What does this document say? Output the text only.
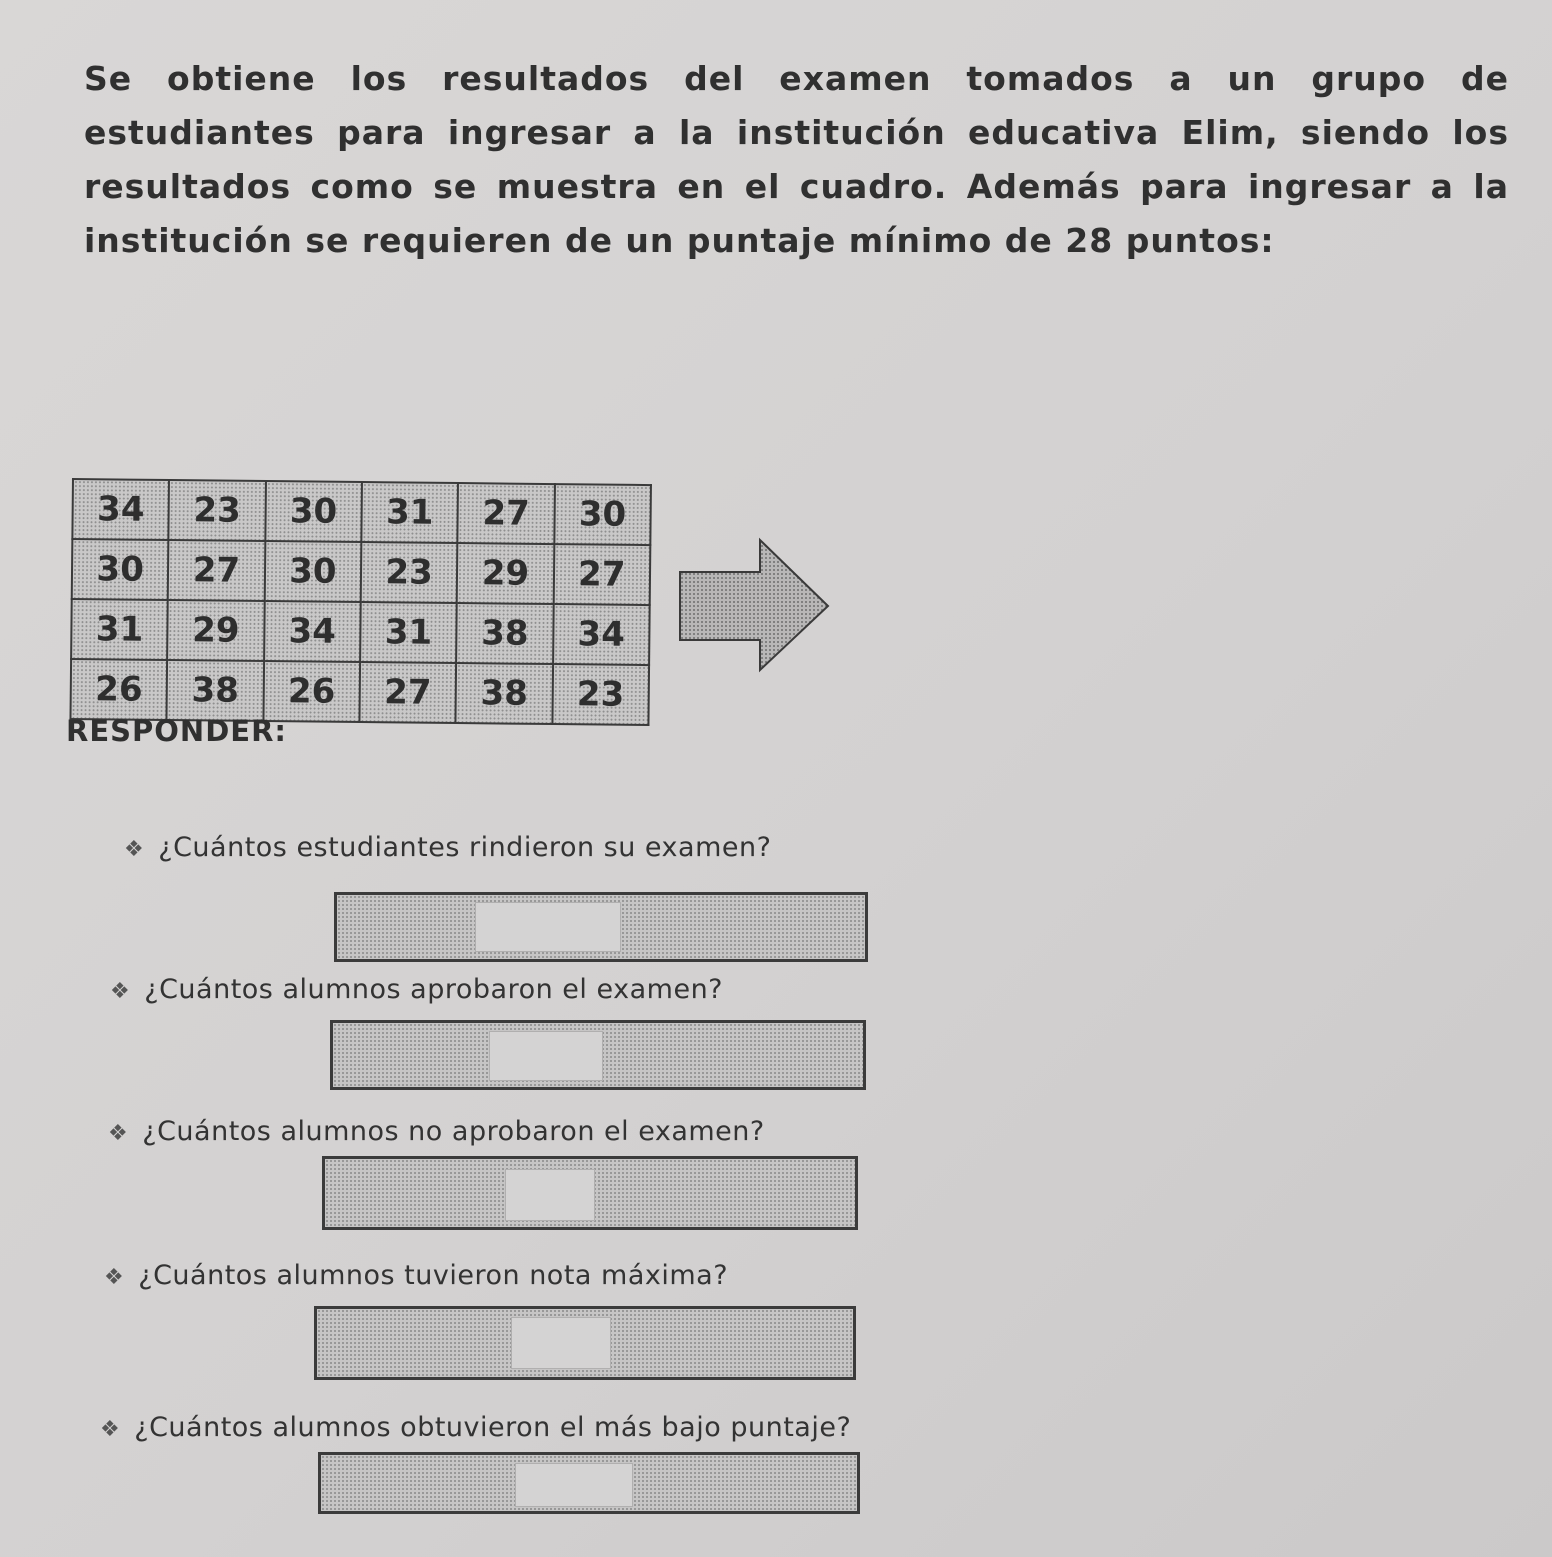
Se obtiene los resultados del examen tomados a un grupo de estudiantes para ingresar a la institución educativa Elim, siendo los resultados como se muestra en el cuadro. Además para ingresar a la institución se requieren de un puntaje mínimo de 28 puntos:
34	23	30	31	27	30
30	27	30	23	29	27
31	29	34	31	38	34
26	38	26	27	38	23
RESPONDER:
❖ ¿Cuántos estudiantes rindieron su examen?
❖ ¿Cuántos alumnos aprobaron el examen?
❖ ¿Cuántos alumnos no aprobaron el examen?
❖ ¿Cuántos alumnos tuvieron nota máxima?
❖ ¿Cuántos alumnos obtuvieron el más bajo puntaje?
